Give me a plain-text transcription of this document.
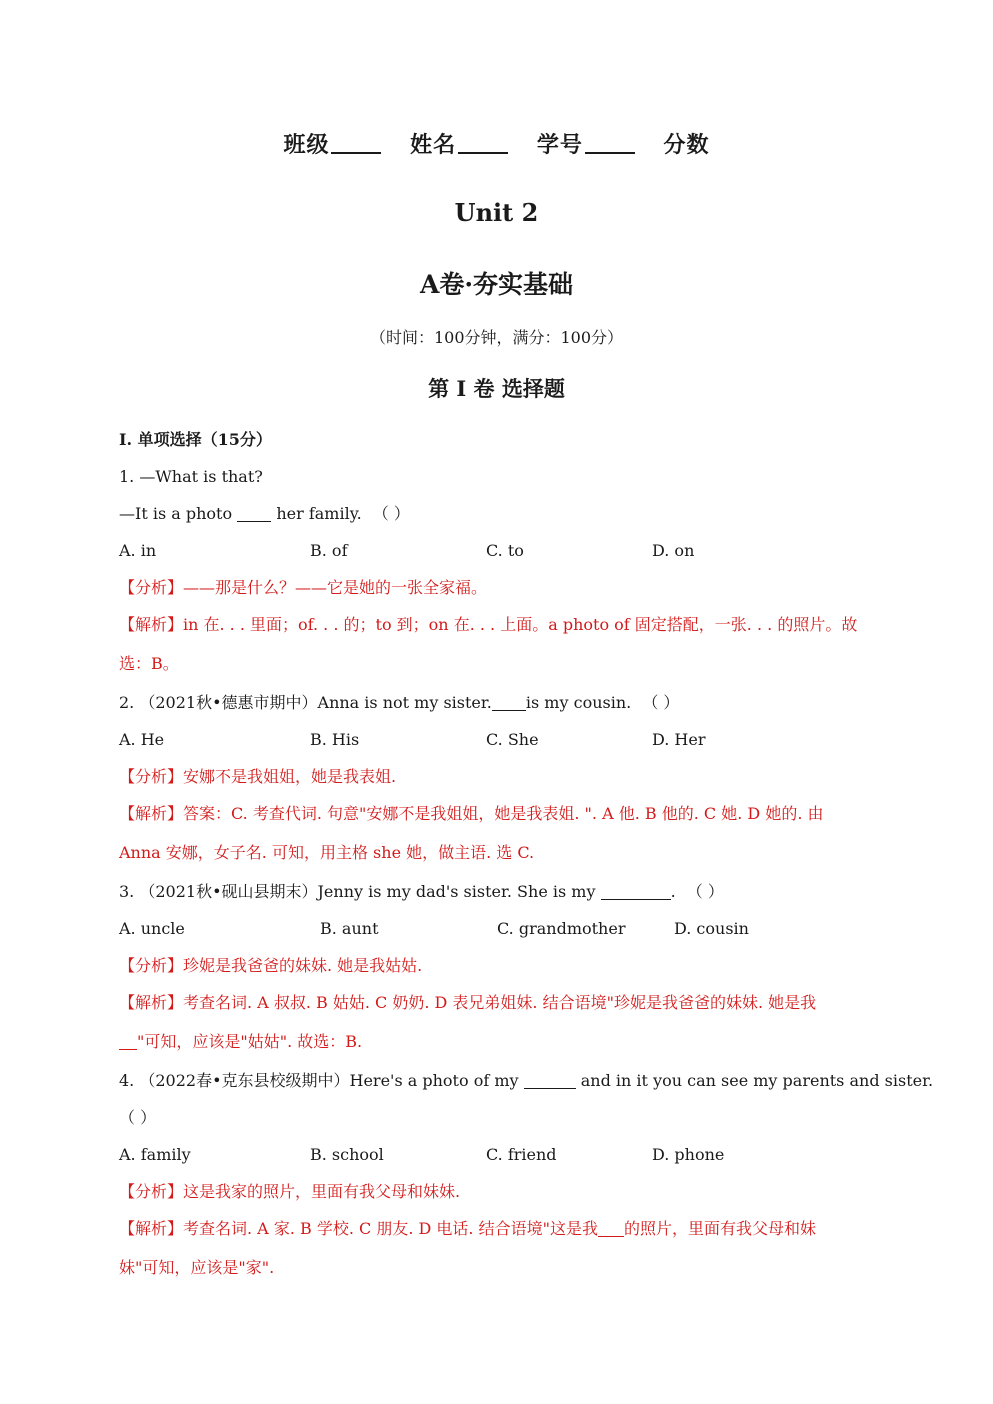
班级	姓名	学号	分数
Unit 2
A卷·夯实基础
（时间：100分钟，满分：100分）
第 I 卷 选择题
I. 单项选择（15分）
1. —What is that?
—It is a photo	her family. （ ）
A. in	B. of	C. to	D. on
【分析】——那是什么？——它是她的一张全家福。
【解析】in 在. . . 里面；of. . . 的；to 到；on 在. . . 上面。a photo of 固定搭配，一张. . . 的照片。故
选：B。
2. （2021秋•德惠市期中）Anna is not my sister. is my cousin. （ ）
A. He	B. His	C. She	D. Her
【分析】安娜不是我姐姐，她是我表姐.
【解析】答案：C. 考查代词. 句意"安娜不是我姐姐，她是我表姐. ". A 他. B 他的. C 她. D 她的. 由
Anna 安娜，女子名. 可知，用主格 she 她，做主语. 选 C.
3. （2021秋•砚山县期末）Jenny is my dad's sister. She is my	. （ ）
A. uncle	B. aunt	C. grandmother	D. cousin
【分析】珍妮是我爸爸的妹妹. 她是我姑姑.
【解析】考查名词. A 叔叔. B 姑姑. C 奶奶. D 表兄弟姐妹. 结合语境"珍妮是我爸爸的妹妹. 她是我
"可知，应该是"姑姑". 故选：B.
4. （2022春•克东县校级期中）Here's a photo of my	and in it you can see my parents and sister.
（ ）
A. family	B. school	C. friend	D. phone
【分析】这是我家的照片，里面有我父母和妹妹.
【解析】考查名词. A 家. B 学校. C 朋友. D 电话. 结合语境"这是我 的照片，里面有我父母和妹
妹"可知，应该是"家".
